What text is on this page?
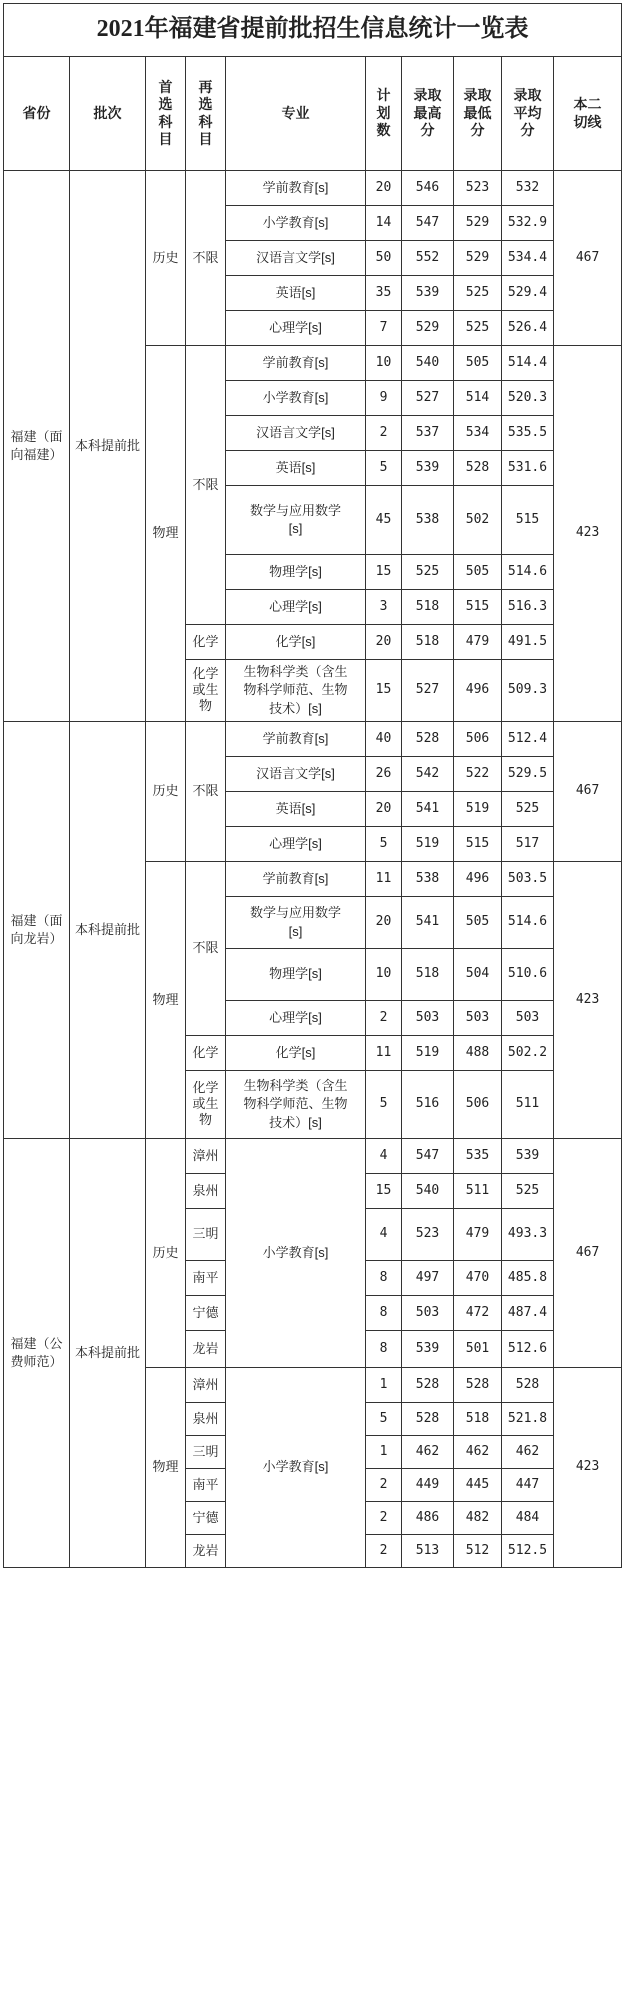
2021年福建省提前批招生信息统计一览表									
省份	批次	首选科目	再选科目	专业	计划数	录取最高分	录取最低分	录取平均分	本二切线
福建（面向福建）	本科提前批	历史	不限	学前教育[s]	20	546	523	532	467
				小学教育[s]	14	547	529	532.9	
				汉语言文学[s]	50	552	529	534.4	
				英语[s]	35	539	525	529.4	
				心理学[s]	7	529	525	526.4	
		物理	不限	学前教育[s]	10	540	505	514.4	423
				小学教育[s]	9	527	514	520.3	
				汉语言文学[s]	2	537	534	535.5	
				英语[s]	5	539	528	531.6	
				数学与应用数学[s]	45	538	502	515	
				物理学[s]	15	525	505	514.6	
				心理学[s]	3	518	515	516.3	
			化学	化学[s]	20	518	479	491.5	
			化学或生物	生物科学类（含生物科学师范、生物技术）[s]	15	527	496	509.3	
福建（面向龙岩）	本科提前批	历史	不限	学前教育[s]	40	528	506	512.4	467
				汉语言文学[s]	26	542	522	529.5	
				英语[s]	20	541	519	525	
				心理学[s]	5	519	515	517	
		物理	不限	学前教育[s]	11	538	496	503.5	423
				数学与应用数学[s]	20	541	505	514.6	
				物理学[s]	10	518	504	510.6	
				心理学[s]	2	503	503	503	
			化学	化学[s]	11	519	488	502.2	
			化学或生物	生物科学类（含生物科学师范、生物技术）[s]	5	516	506	511	
福建（公费师范）	本科提前批	历史	漳州	小学教育[s]	4	547	535	539	467
			泉州		15	540	511	525	
			三明		4	523	479	493.3	
			南平		8	497	470	485.8	
			宁德		8	503	472	487.4	
			龙岩		8	539	501	512.6	
		物理	漳州	小学教育[s]	1	528	528	528	423
			泉州		5	528	518	521.8	
			三明		1	462	462	462	
			南平		2	449	445	447	
			宁德		2	486	482	484	
			龙岩		2	513	512	512.5	
